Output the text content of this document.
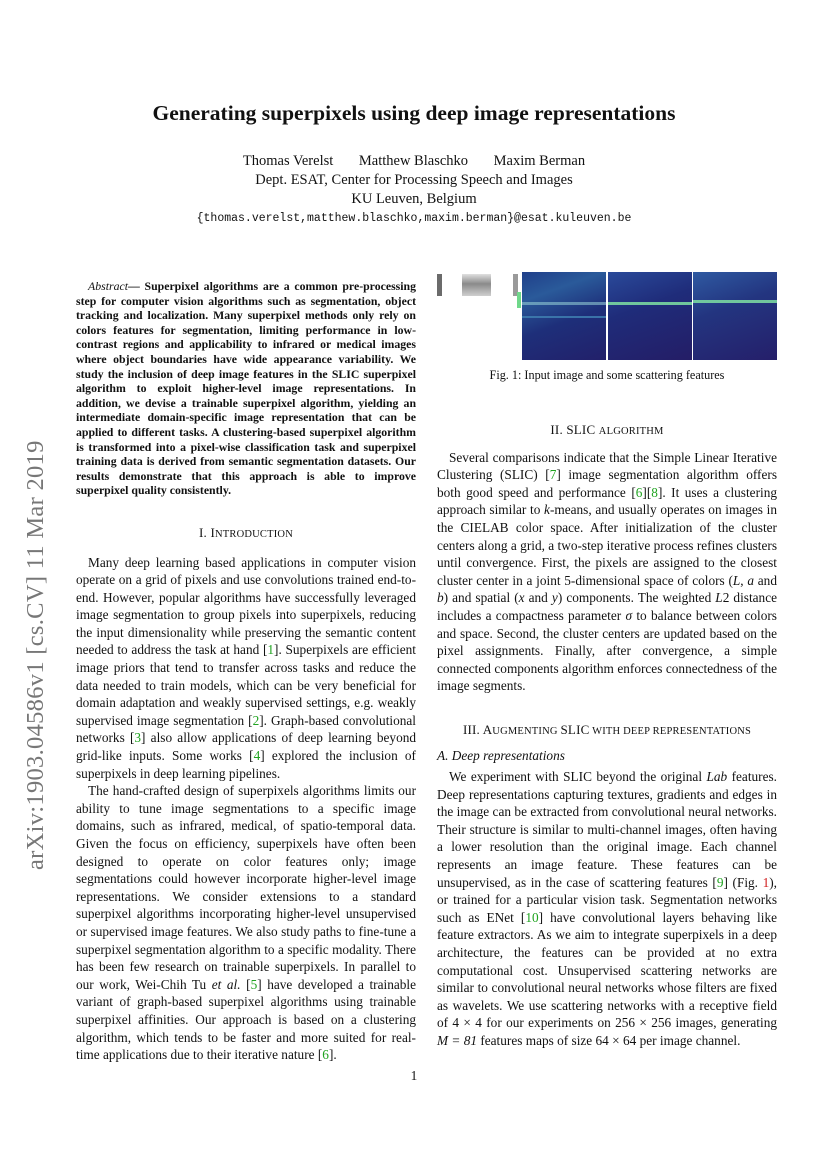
Generating superpixels using deep image representations
Thomas Verelst Matthew Blaschko Maxim Berman
Dept. ESAT, Center for Processing Speech and Images
KU Leuven, Belgium
{thomas.verelst,matthew.blaschko,maxim.berman}@esat.kuleuven.be
arXiv:1903.04586v1 [cs.CV] 11 Mar 2019

Abstract— Superpixel algorithms are a common pre-processing step for computer vision algorithms such as segmentation, object tracking and localization. Many superpixel methods only rely on colors features for segmentation, limiting performance in low-contrast regions and applicability to infrared or medical images where object boundaries have wide appearance variability. We study the inclusion of deep image features in the SLIC superpixel algorithm to exploit higher-level image representations. In addition, we devise a trainable superpixel algorithm, yielding an intermediate domain-specific image representation that can be applied to different tasks. A clustering-based superpixel algorithm is transformed into a pixel-wise classification task and superpixel training data is derived from semantic segmentation datasets. Our results demonstrate that this approach is able to improve superpixel quality consistently.

I. INTRODUCTION

Many deep learning based applications in computer vision operate on a grid of pixels and use convolutions trained end-to-end. However, popular algorithms have successfully leveraged image segmentation to group pixels into superpixels, reducing the input dimensionality while preserving the semantic content needed to address the task at hand [1]. Superpixels are efficient image priors that tend to transfer across tasks and reduce the data needed to train models, which can be very beneficial for domain adaptation and weakly supervised settings, e.g. weakly supervised image segmentation [2]. Graph-based convolutional networks [3] also allow applications of deep learning beyond grid-like inputs. Some works [4] explored the inclusion of superpixels in deep learning pipelines.

The hand-crafted design of superpixels algorithms limits our ability to tune image segmentations to a specific image domains, such as infrared, medical, of spatio-temporal data. Given the focus on efficiency, superpixels have often been designed to operate on color features only; image segmentations could however incorporate higher-level image representations. We consider extensions to a standard superpixel algorithms incorporating higher-level unsupervised or supervised image features. We also study paths to fine-tune a superpixel segmentation algorithm to a specific modality. There has been few research on trainable superpixels. In parallel to our work, Wei-Chih Tu et al. [5] have developed a trainable variant of graph-based superpixel algorithms using trainable superpixel affinities. Our approach is based on a clustering algorithm, which tends to be faster and more suited for real-time applications due to their iterative nature [6].

Fig. 1: Input image and some scattering features

II. SLIC ALGORITHM

Several comparisons indicate that the Simple Linear Iterative Clustering (SLIC) [7] image segmentation algorithm offers both good speed and performance [6][8]. It uses a clustering approach similar to k-means, and usually operates on images in the CIELAB color space. After initialization of the cluster centers along a grid, a two-step iterative process refines clusters until convergence. First, the pixels are assigned to the closest cluster center in a joint 5-dimensional space of colors (L, a and b) and spatial (x and y) components. The weighted L2 distance includes a compactness parameter σ to balance between colors and space. Second, the cluster centers are updated based on the pixel assignments. Finally, after convergence, a simple connected components algorithm enforces connectedness of the image segments.

III. AUGMENTING SLIC WITH DEEP REPRESENTATIONS

A. Deep representations

We experiment with SLIC beyond the original Lab features. Deep representations capturing textures, gradients and edges in the image can be extracted from convolutional neural networks. Their structure is similar to multi-channel images, often having a lower resolution than the original image. Each channel represents an image feature. These features can be unsupervised, as in the case of scattering features [9] (Fig. 1), or trained for a particular vision task. Segmentation networks such as ENet [10] have convolutional layers behaving like feature extractors. As we aim to integrate superpixels in a deep architecture, the features can be provided at no extra computational cost. Unsupervised scattering networks are similar to convolutional neural networks whose filters are fixed as wavelets. We use scattering networks with a receptive field of 4 × 4 for our experiments on 256 × 256 images, generating M = 81 features maps of size 64 × 64 per image channel.

1
